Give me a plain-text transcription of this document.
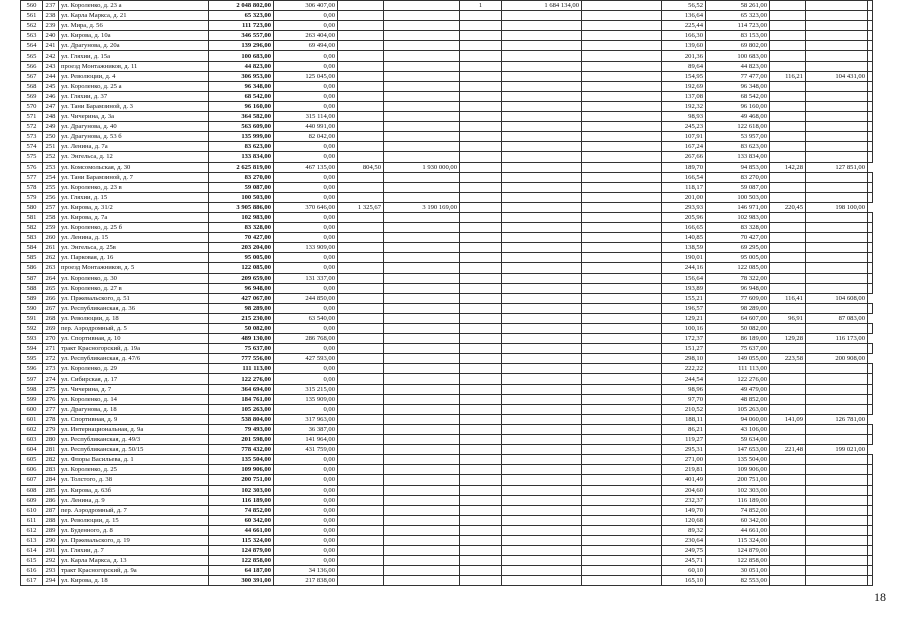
560	237	ул. Короленко, д. 23 а	2 048 802,00	306 407,00			1	1 684 134,00		56,52	58 261,00			
561	238	ул. Карла Маркса, д. 21	65 323,00	0,00						136,64	65 323,00			
562	239	ул. Мира, д. 56	111 723,00	0,00						225,44	114 723,00			
563	240	ул. Кирова, д. 10а	346 557,00	263 404,00						166,30	83 153,00			
564	241	ул. Драгунова, д. 20а	139 296,00	69 494,00						139,60	69 802,00			
565	242	ул. Гляхии, д. 15а	100 683,00	0,00						201,36	100 683,00			
566	243	проезд Монтажников, д. 11	44 823,00	0,00						89,64	44 823,00			
567	244	ул. Революции, д. 4	306 953,00	125 045,00						154,95	77 477,00	116,21	104 431,00	
568	245	ул. Короленко, д. 25 а	96 348,00	0,00						192,69	96 348,00			
569	246	ул. Гляхии, д. 37	68 542,00	0,00						137,08	68 542,00			
570	247	ул. Тани Барамзиной, д. 3	96 160,00	0,00						192,32	96 160,00			
571	248	ул. Чичерина, д. 3а	364 582,00	315 114,00						98,93	49 468,00			
572	249	ул. Драгунова, д. 40	563 609,00	440 991,00						245,23	122 618,00			
573	250	ул. Драгунова, д. 53 б	135 999,00	82 042,00						107,91	53 957,00			
574	251	ул. Ленина, д. 7а	83 623,00	0,00						167,24	83 623,00			
575	252	ул. Энгельса, д. 12	133 834,00	0,00						267,66	133 834,00			
576	253	ул. Комсомольская, д. 30	2 625 819,00	467 135,00	804,50	1 930 000,00				189,70	94 853,00	142,28	127 851,00	
577	254	ул. Тани Барамзиной, д. 7	83 270,00	0,00						166,54	83 270,00			
578	255	ул. Короленко, д. 23 в	59 087,00	0,00						118,17	59 087,00			
579	256	ул. Гляхии, д. 15	100 503,00	0,00						201,00	100 503,00			
580	257	ул. Кирова, д. 31/2	3 905 886,00	370 646,00	1 325,67	3 190 169,00				293,93	146 971,00	220,45	198 100,00	
581	258	ул. Кирова, д. 7а	102 983,00	0,00						205,96	102 983,00			
582	259	ул. Короленко, д. 25 б	83 328,00	0,00						166,65	83 328,00			
583	260	ул. Ленина, д. 15	70 427,00	0,00						140,85	70 427,00			
584	261	ул. Энгельса, д. 25в	203 204,00	133 909,00						138,59	69 295,00			
585	262	ул. Парковая, д. 16	95 005,00	0,00						190,01	95 005,00			
586	263	проезд Монтажников, д. 5	122 085,00	0,00						244,16	122 085,00			
587	264	ул. Короленко, д. 30	209 659,00	131 337,00						156,64	78 322,00			
588	265	ул. Короленко, д. 27 в	96 948,00	0,00						193,89	96 948,00			
589	266	ул. Пржевальского, д. 51	427 067,00	244 850,00						155,21	77 609,00	116,41	104 608,00	
590	267	ул. Республиканская, д. 36	98 289,00	0,00						196,57	98 289,00			
591	268	ул. Революции, д. 18	215 230,00	63 540,00						129,21	64 607,00	96,91	87 083,00	
592	269	пер. Аэродромный, д. 5	50 082,00	0,00						100,16	50 082,00			
593	270	ул. Спортивная, д. 10	489 130,00	286 768,00						172,37	86 189,00	129,28	116 173,00	
594	271	тракт Красногорский, д. 19а	75 637,00	0,00						151,27	75 637,00			
595	272	ул. Республиканская, д. 47/6	777 556,00	427 593,00						298,10	149 055,00	223,58	200 908,00	
596	273	ул. Короленко, д. 29	111 113,00	0,00						222,22	111 113,00			
597	274	ул. Сибирская, д. 17	122 276,00	0,00						244,54	122 276,00			
598	275	ул. Чичерина, д. 7	364 694,00	315 215,00						98,96	49 479,00			
599	276	ул. Короленко, д. 14	184 761,00	135 909,00						97,70	48 852,00			
600	277	ул. Драгунова, д. 18	105 263,00	0,00						210,52	105 263,00			
601	278	ул. Спортивная, д. 9	538 804,00	317 963,00						188,11	94 060,00	141,09	126 781,00	
602	279	ул. Интернациональная, д. 9а	79 493,00	36 387,00						86,21	43 106,00			
603	280	ул. Республиканская, д. 49/3	201 598,00	141 964,00						119,27	59 634,00			
604	281	ул. Республиканская, д. 50/15	778 432,00	431 759,00						295,31	147 653,00	221,48	199 021,00	
605	282	ул. Флоры Васильева, д. 1	135 504,00	0,00						271,00	135 504,00			
606	283	ул. Короленко, д. 25	109 906,00	0,00						219,81	109 906,00			
607	284	ул. Толстого, д. 38	200 751,00	0,00						401,49	200 751,00			
608	285	ул. Кирова, д. 63б	102 303,00	0,00						204,60	102 303,00			
609	286	ул. Ленина, д. 9	116 189,00	0,00						232,37	116 189,00			
610	287	пер. Аэродромный, д. 7	74 852,00	0,00						149,70	74 852,00			
611	288	ул. Революции, д. 15	60 342,00	0,00						120,68	60 342,00			
612	289	ул. Буденного, д. 8	44 661,00	0,00						89,32	44 661,00			
613	290	ул. Пржевальского, д. 19	115 324,00	0,00						230,64	115 324,00			
614	291	ул. Гляхии, д. 7	124 879,00	0,00						249,75	124 879,00			
615	292	ул. Карла Маркса, д. 13	122 858,00	0,00						245,71	122 858,00			
616	293	тракт Красногорский, д. 9а	64 187,00	34 136,00						60,10	30 051,00			
617	294	ул. Кирова, д. 18	300 391,00	217 838,00						165,10	82 553,00			
18
